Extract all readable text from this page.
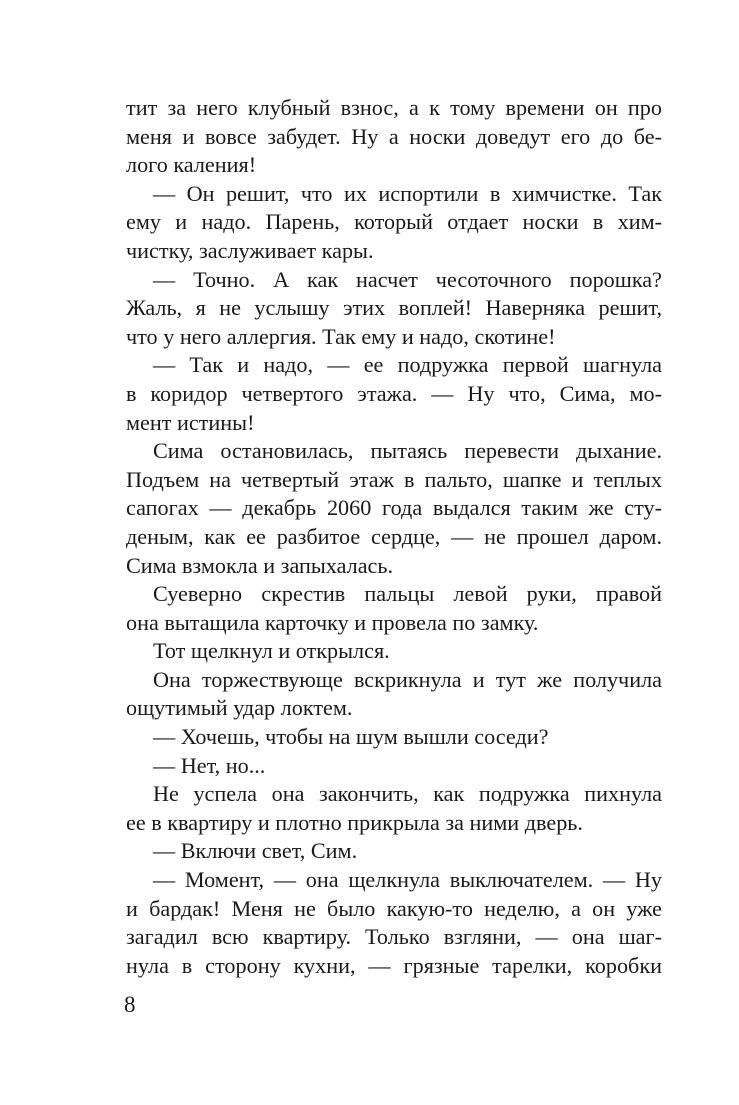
тит за него клубный взнос, а к тому времени он про
меня и вовсе забудет. Ну а носки доведут его до бе-
лого каления!
— Он решит, что их испортили в химчистке. Так
ему и надо. Парень, который отдает носки в хим-
чистку, заслуживает кары.
— Точно. А как насчет чесоточного порошка?
Жаль, я не услышу этих воплей! Наверняка решит,
что у него аллергия. Так ему и надо, скотине!
— Так и надо, — ее подружка первой шагнула
в коридор четвертого этажа. — Ну что, Сима, мо-
мент истины!
Сима остановилась, пытаясь перевести дыхание.
Подъем на четвертый этаж в пальто, шапке и теплых
сапогах — декабрь 2060 года выдался таким же сту-
деным, как ее разбитое сердце, — не прошел даром.
Сима взмокла и запыхалась.
Суеверно скрестив пальцы левой руки, правой
она вытащила карточку и провела по замку.
Тот щелкнул и открылся.
Она торжествующе вскрикнула и тут же получила
ощутимый удар локтем.
— Хочешь, чтобы на шум вышли соседи?
— Нет, но...
Не успела она закончить, как подружка пихнула
ее в квартиру и плотно прикрыла за ними дверь.
— Включи свет, Сим.
— Момент, — она щелкнула выключателем. — Ну
и бардак! Меня не было какую-то неделю, а он уже
загадил всю квартиру. Только взгляни, — она шаг-
нула в сторону кухни, — грязные тарелки, коробки
8
